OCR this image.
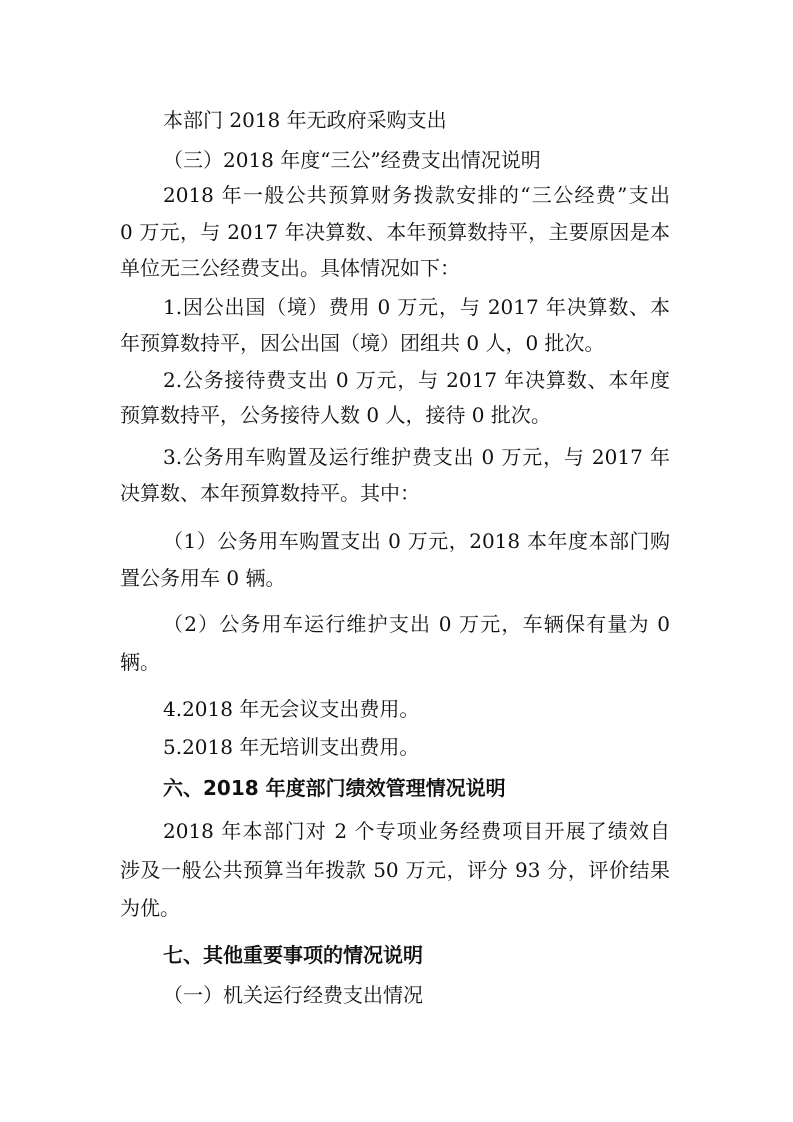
本部门 2018 年无政府采购支出
（三）2018 年度“三公”经费支出情况说明
2018 年一般公共预算财务拨款安排的“三公经费”支出
0 万元，与 2017 年决算数、本年预算数持平，主要原因是本
单位无三公经费支出。具体情况如下：
1.因公出国（境）费用 0 万元，与 2017 年决算数、本
年预算数持平，因公出国（境）团组共 0 人，0 批次。
2.公务接待费支出 0 万元，与 2017 年决算数、本年度
预算数持平，公务接待人数 0 人，接待 0 批次。
3.公务用车购置及运行维护费支出 0 万元，与 2017 年
决算数、本年预算数持平。其中：
（1）公务用车购置支出 0 万元，2018 本年度本部门购
置公务用车 0 辆。
（2）公务用车运行维护支出 0 万元，车辆保有量为 0
辆。
4.2018 年无会议支出费用。
5.2018 年无培训支出费用。
六、2018 年度部门绩效管理情况说明
2018 年本部门对 2 个专项业务经费项目开展了绩效自
涉及一般公共预算当年拨款 50 万元，评分 93 分，评价结果
为优。
七、其他重要事项的情况说明
（一）机关运行经费支出情况
